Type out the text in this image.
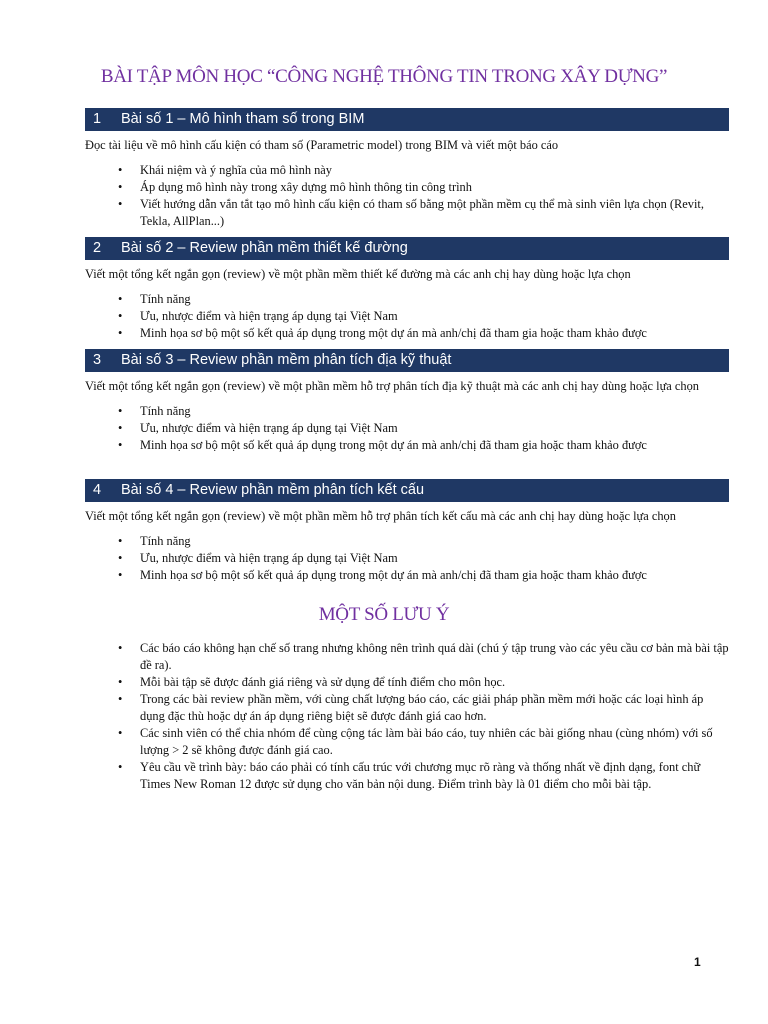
BÀI TẬP MÔN HỌC “CÔNG NGHỆ THÔNG TIN TRONG XÂY DỰNG”
1 Bài số 1 – Mô hình tham số trong BIM

Đọc tài liệu về mô hình cấu kiện có tham số (Parametric model) trong BIM và viết một báo cáo

• Khái niệm và ý nghĩa của mô hình này
• Áp dụng mô hình này trong xây dựng mô hình thông tin công trình
• Viết hướng dẫn vắn tắt tạo mô hình cấu kiện có tham số bằng một phần mềm cụ thể mà sinh viên lựa chọn (Revit, Tekla, AllPlan...)
2 Bài số 2 – Review phần mềm thiết kế đường

Viết một tổng kết ngắn gọn (review) về một phần mềm thiết kế đường mà các anh chị hay dùng hoặc lựa chọn

• Tính năng
• Ưu, nhược điểm và hiện trạng áp dụng tại Việt Nam
• Minh họa sơ bộ một số kết quả áp dụng trong một dự án mà anh/chị đã tham gia hoặc tham khảo được
3 Bài số 3 – Review phần mềm phân tích địa kỹ thuật

Viết một tổng kết ngắn gọn (review) về một phần mềm hỗ trợ phân tích địa kỹ thuật mà các anh chị hay dùng hoặc lựa chọn

• Tính năng
• Ưu, nhược điểm và hiện trạng áp dụng tại Việt Nam
• Minh họa sơ bộ một số kết quả áp dụng trong một dự án mà anh/chị đã tham gia hoặc tham khảo được
4 Bài số 4 – Review phần mềm phân tích kết cấu

Viết một tổng kết ngắn gọn (review) về một phần mềm hỗ trợ phân tích kết cấu mà các anh chị hay dùng hoặc lựa chọn

• Tính năng
• Ưu, nhược điểm và hiện trạng áp dụng tại Việt Nam
• Minh họa sơ bộ một số kết quả áp dụng trong một dự án mà anh/chị đã tham gia hoặc tham khảo được
MỘT SỐ LƯU Ý
• Các báo cáo không hạn chế số trang nhưng không nên trình quá dài (chú ý tập trung vào các yêu cầu cơ bản mà bài tập đề ra).
• Mỗi bài tập sẽ được đánh giá riêng và sử dụng để tính điểm cho môn học.
• Trong các bài review phần mềm, với cùng chất lượng báo cáo, các giải pháp phần mềm mới hoặc các loại hình áp dụng đặc thù hoặc dự án áp dụng riêng biệt sẽ được đánh giá cao hơn.
• Các sinh viên có thể chia nhóm để cùng cộng tác làm bài báo cáo, tuy nhiên các bài giống nhau (cùng nhóm) với số lượng > 2 sẽ không được đánh giá cao.
• Yêu cầu về trình bày: báo cáo phải có tính cấu trúc với chương mục rõ ràng và thống nhất về định dạng, font chữ Times New Roman 12 được sử dụng cho văn bản nội dung. Điểm trình bày là 01 điểm cho mỗi bài tập.
1
